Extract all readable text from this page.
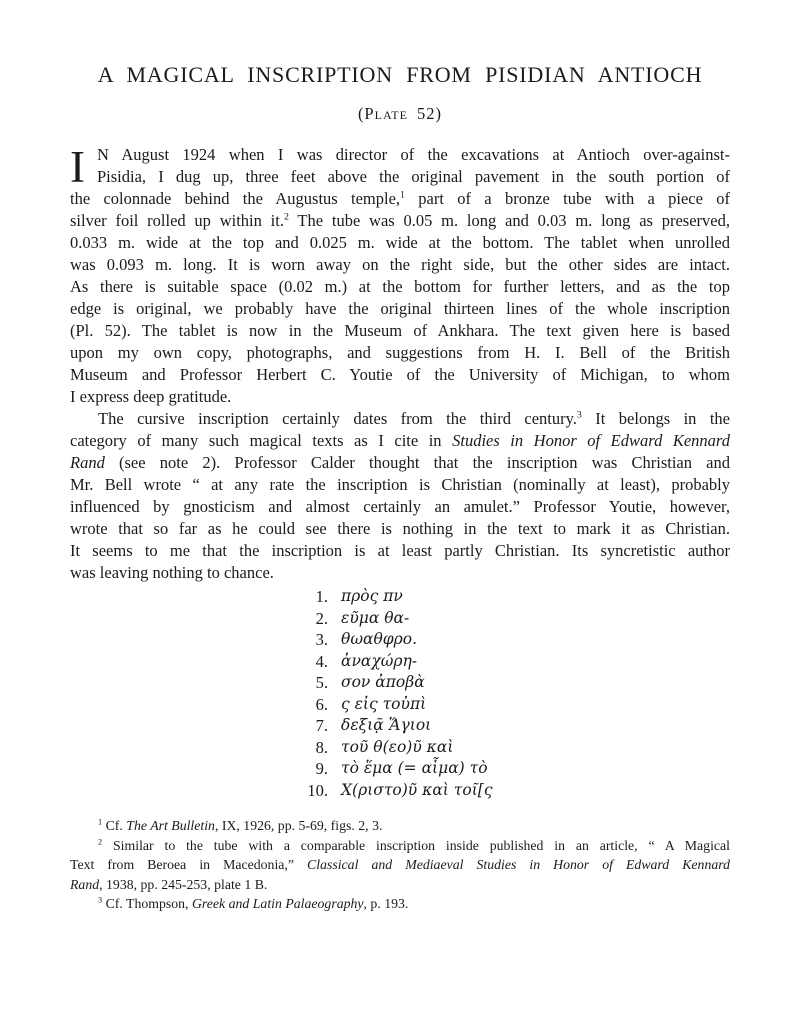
A MAGICAL INSCRIPTION FROM PISIDIAN ANTIOCH
(Plate 52)
I N August 1924 when I was director of the excavations at Antioch over-against-
Pisidia, I dug up, three feet above the original pavement in the south portion of
the colonnade behind the Augustus temple,$^1$ part of a bronze tube with a piece of
silver foil rolled up within it.$^2$ The tube was 0.05 m. long and 0.03 m. long as preserved,
0.033 m. wide at the top and 0.025 m. wide at the bottom. The tablet when unrolled
was 0.093 m. long. It is worn away on the right side, but the other sides are intact.
As there is suitable space (0.02 m.) at the bottom for further letters, and as the top
edge is original, we probably have the original thirteen lines of the whole inscription
(Pl. 52). The tablet is now in the Museum of Ankhara. The text given here is based
upon my own copy, photographs, and suggestions from H. I. Bell of the British
Museum and Professor Herbert C. Youtie of the University of Michigan, to whom
I express deep gratitude.
The cursive inscription certainly dates from the third century.$^3$ It belongs in the
category of many such magical texts as I cite in Studies in Honor of Edward Kennard
Rand (see note 2). Professor Calder thought that the inscription was Christian and
Mr. Bell wrote “ at any rate the inscription is Christian (nominally at least), probably
influenced by gnosticism and almost certainly an amulet.” Professor Youtie, however,
wrote that so far as he could see there is nothing in the text to mark it as Christian.
It seems to me that the inscription is at least partly Christian. Its syncretistic author
was leaving nothing to chance.
1. πρὸς πν
2. εῦμα θα-
3. θωαθφρο.
4. ἀναχώρη-
5. σον ἀποβὰ
6. ς εἰς τοὐπὶ
7. δεξιᾷ Ἅγιοι
8. τοῦ θ(εο)ῦ καὶ
9. τὸ ἕμα (= αἷμα) τὸ
10. Χ(ριστο)ῦ καὶ τοῖ[ς
$^1$ Cf. The Art Bulletin, IX, 1926, pp. 5-69, figs. 2, 3.
$^2$ Similar to the tube with a comparable inscription inside published in an article, “ A Magical
Text from Beroea in Macedonia,” Classical and Mediaeval Studies in Honor of Edward Kennard
Rand, 1938, pp. 245-253, plate 1 B.
$^3$ Cf. Thompson, Greek and Latin Palaeography, p. 193.
